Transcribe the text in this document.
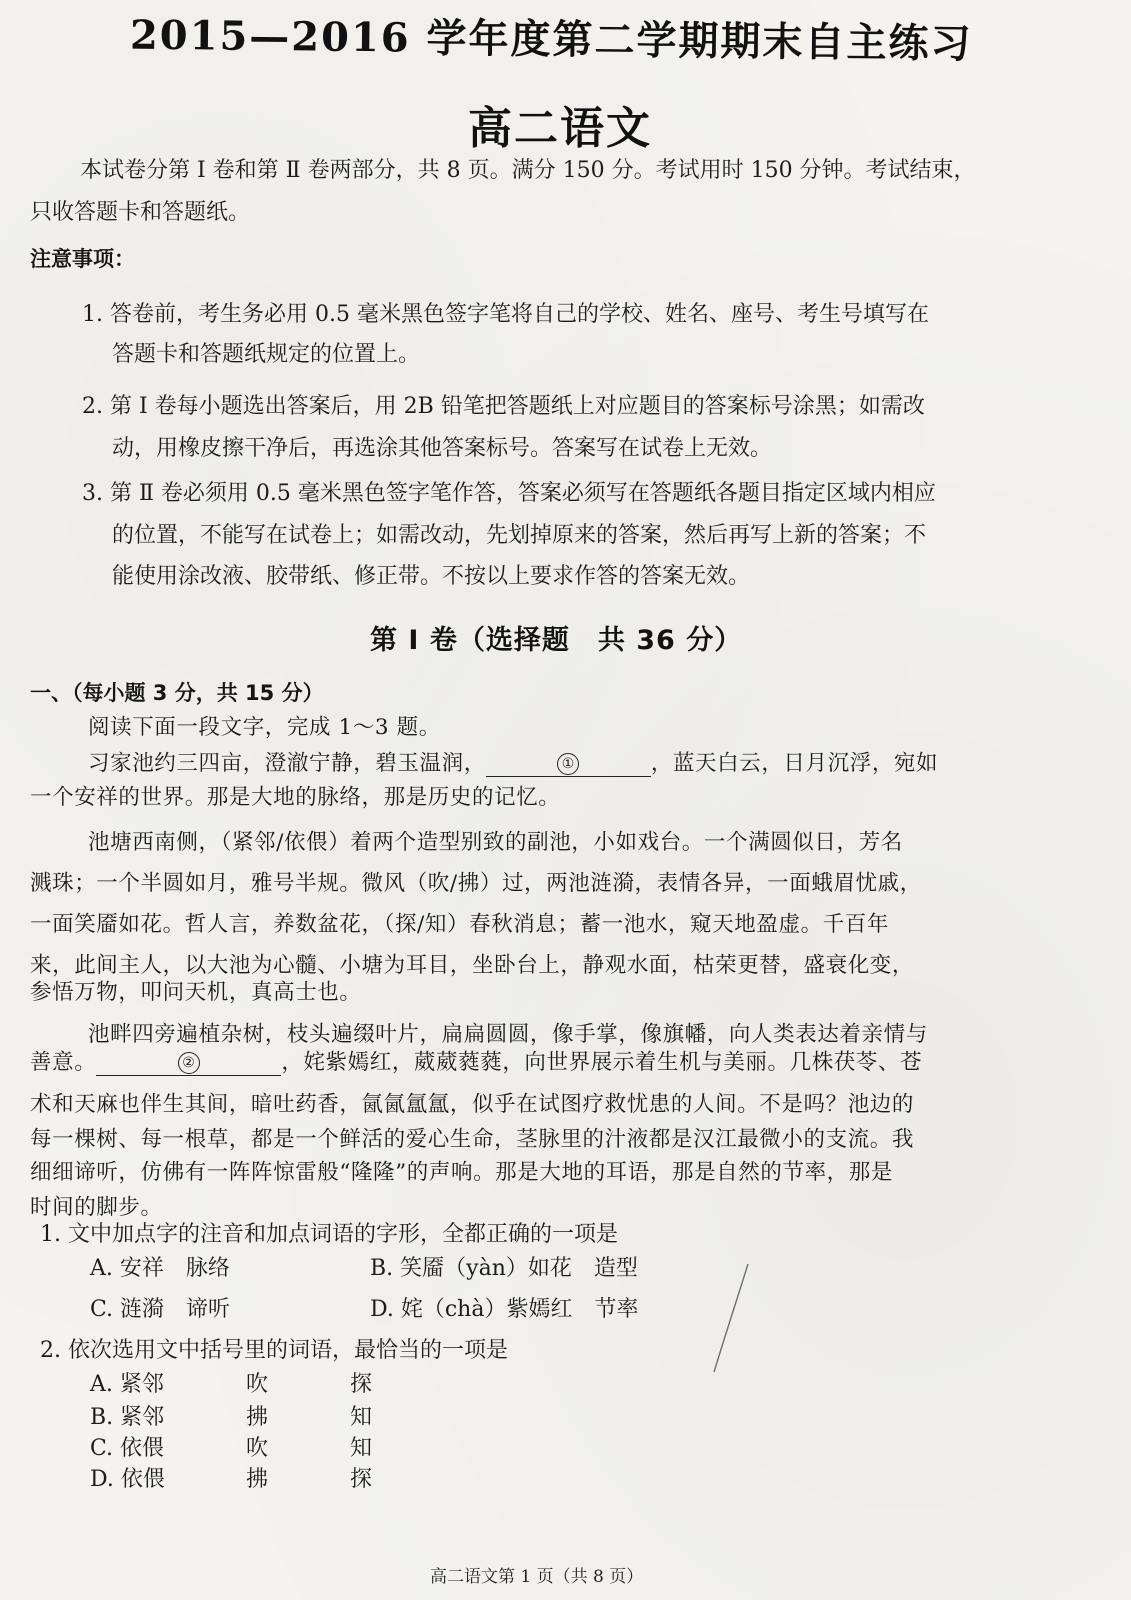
2015—2016 学年度第二学期期末自主练习
高二语文
本试卷分第 Ⅰ 卷和第 Ⅱ 卷两部分，共 8 页。满分 150 分。考试用时 150 分钟。考试结束，
只收答题卡和答题纸。
注意事项：
1. 答卷前，考生务必用 0.5 毫米黑色签字笔将自己的学校、姓名、座号、考生号填写在
答题卡和答题纸规定的位置上。
2. 第 Ⅰ 卷每小题选出答案后，用 2B 铅笔把答题纸上对应题目的答案标号涂黑；如需改
动，用橡皮擦干净后，再选涂其他答案标号。答案写在试卷上无效。
3. 第 Ⅱ 卷必须用 0.5 毫米黑色签字笔作答，答案必须写在答题纸各题目指定区域内相应
的位置，不能写在试卷上；如需改动，先划掉原来的答案，然后再写上新的答案；不
能使用涂改液、胶带纸、修正带。不按以上要求作答的答案无效。
第 Ⅰ 卷（选择题　共 36 分）
一、（每小题 3 分，共 15 分）
阅读下面一段文字，完成 1～3 题。
习家池约三四亩，澄澈宁静，碧玉温润，	①	，蓝天白云，日月沉浮，宛如
一个安祥的世界。那是大地的脉络，那是历史的记忆。
池塘西南侧，（紧邻/依偎）着两个造型别致的副池，小如戏台。一个满圆似日，芳名
溅珠；一个半圆如月，雅号半规。微风（吹/拂）过，两池涟漪，表情各异，一面蛾眉忧戚，
一面笑靥如花。哲人言，养数盆花，（探/知）春秋消息；蓄一池水，窥天地盈虚。千百年
来，此间主人，以大池为心髓、小塘为耳目，坐卧台上，静观水面，枯荣更替，盛衰化变，
参悟万物，叩问天机，真高士也。
池畔四旁遍植杂树，枝头遍缀叶片，扁扁圆圆，像手掌，像旗幡，向人类表达着亲情与
善意。	②	，姹紫嫣红，葳葳蕤蕤，向世界展示着生机与美丽。几株茯苓、苍
术和天麻也伴生其间，暗吐药香，氤氤氲氲，似乎在试图疗救忧患的人间。不是吗？池边的
每一棵树、每一根草，都是一个鲜活的爱心生命，茎脉里的汁液都是汉江最微小的支流。我
细细谛听，仿佛有一阵阵惊雷般“隆隆”的声响。那是大地的耳语，那是自然的节率，那是
时间的脚步。
1. 文中加点字的注音和加点词语的字形，全都正确的一项是
A. 安祥　脉络	B. 笑靥（yàn）如花　造型
C. 涟漪　谛听	D. 姹（chà）紫嫣红　节率
2. 依次选用文中括号里的词语，最恰当的一项是
A. 紧邻	吹	探
B. 紧邻	拂	知
C. 依偎	吹	知
D. 依偎	拂	探
高二语文第 1 页（共 8 页）
